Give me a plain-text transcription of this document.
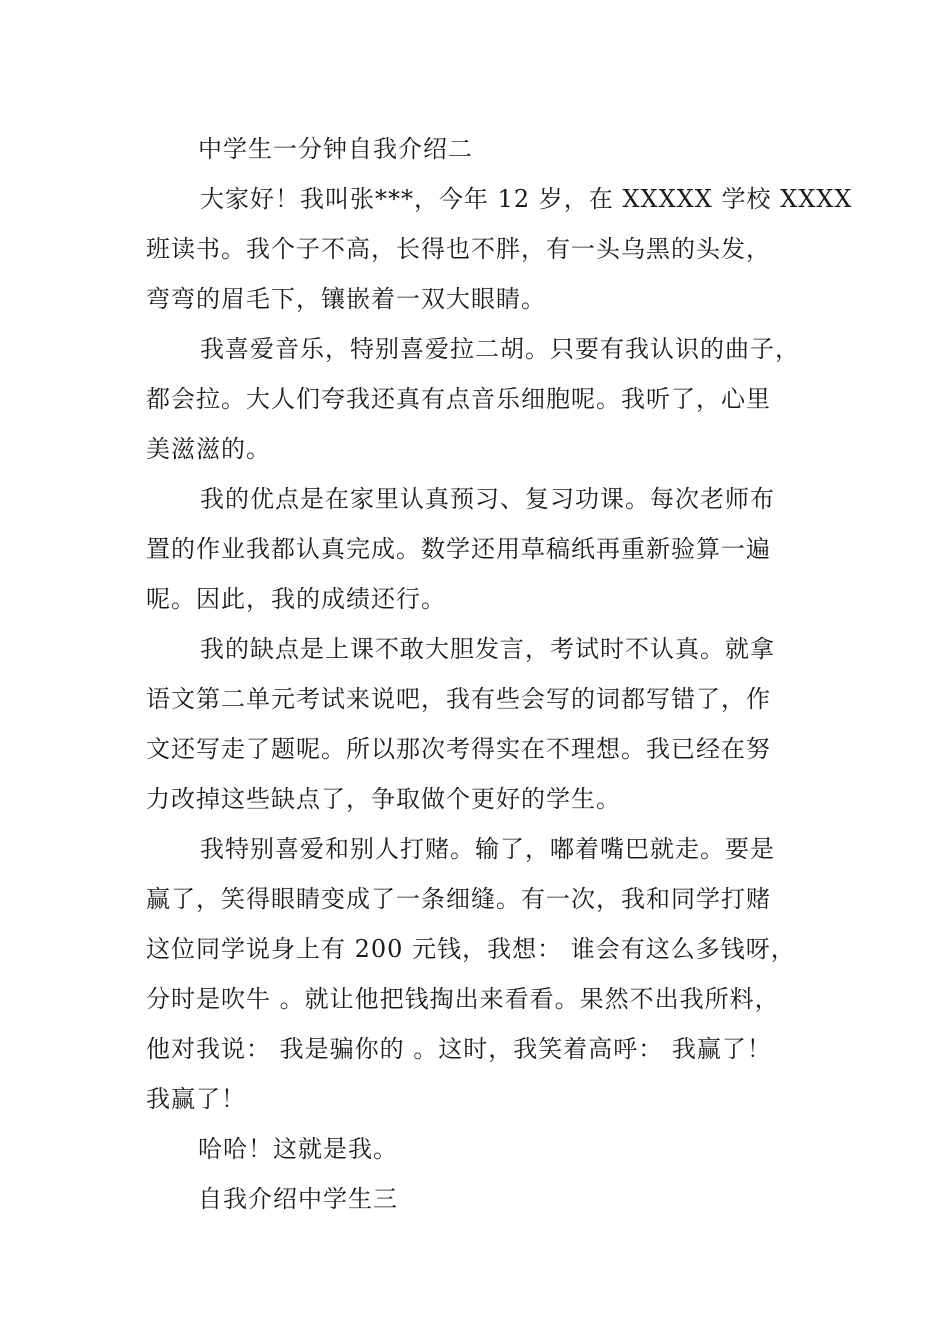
中学生一分钟自我介绍二
大家好！我叫张***，今年 12 岁，在 XXXXX 学校 XXXX
班读书。我个子不高，长得也不胖，有一头乌黑的头发，
弯弯的眉毛下，镶嵌着一双大眼睛。
我喜爱音乐，特别喜爱拉二胡。只要有我认识的曲子，
都会拉。大人们夸我还真有点音乐细胞呢。我听了，心里
美滋滋的。
我的优点是在家里认真预习、复习功课。每次老师布
置的作业我都认真完成。数学还用草稿纸再重新验算一遍
呢。因此，我的成绩还行。
我的缺点是上课不敢大胆发言，考试时不认真。就拿
语文第二单元考试来说吧，我有些会写的词都写错了，作
文还写走了题呢。所以那次考得实在不理想。我已经在努
力改掉这些缺点了，争取做个更好的学生。
我特别喜爱和别人打赌。输了，嘟着嘴巴就走。要是
赢了，笑得眼睛变成了一条细缝。有一次，我和同学打赌
这位同学说身上有 200 元钱，我想： 谁会有这么多钱呀，
分时是吹牛 。就让他把钱掏出来看看。果然不出我所料，
他对我说： 我是骗你的 。这时，我笑着高呼： 我赢了！
我赢了！
哈哈！这就是我。
自我介绍中学生三
